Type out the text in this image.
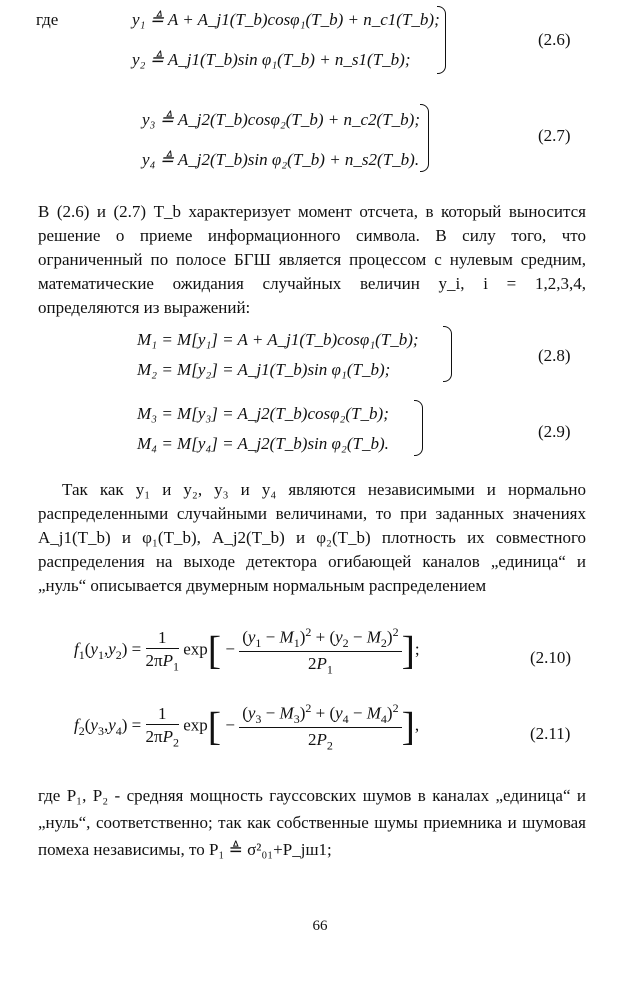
где	y₁ ≜ A + A_j1(T_b)cosφ₁(T_b) + n_c1(T_b);
y₂ ≜ A_j1(T_b)sin φ₁(T_b) + n_s1(T_b);
(2.6)
y₃ ≜ A_j2(T_b)cosφ₂(T_b) + n_c2(T_b);
y₄ ≜ A_j2(T_b)sin φ₂(T_b) + n_s2(T_b).
(2.7)

В (2.6) и (2.7) T_b характеризует момент отсчета, в который выносится решение о приеме информационного символа. В силу того, что ограниченный по полосе БГШ является процессом с нулевым средним, математические ожидания случайных величин y_i, i = 1,2,3,4, определяются из выражений:

M₁ = M[y₁] = A + A_j1(T_b)cosφ₁(T_b);
M₂ = M[y₂] = A_j1(T_b)sin φ₁(T_b);
(2.8)
M₃ = M[y₃] = A_j2(T_b)cosφ₂(T_b);
M₄ = M[y₄] = A_j2(T_b)sin φ₂(T_b).
(2.9)

Так как y₁ и y₂, y₃ и y₄ являются независимыми и нормально распределенными случайными величинами, то при заданных значениях A_j1(T_b) и φ₁(T_b), A_j2(T_b) и φ₂(T_b) плотность их совместного распределения на выходе детектора огибающей каналов „единица“ и „нуль“ описывается двумерным нормальным распределением

$f_1(y_1,y_2) = \frac{1}{2\pi P_1} \exp[ - \frac{(y_1 - M_1)^2 + (y_2 - M_2)^2}{2P_1}$ ];	(2.10)
$f_2(y_3,y_4) = \frac{1}{2\pi P_2} \exp[ - \frac{(y_3 - M_3)^2 + (y_4 - M_4)^2}{2P_2}$ ],	(2.11)

где P₁, P₂ - средняя мощность гауссовских шумов в каналах „единица“ и „нуль“, соответственно; так как собственные шумы приемника и шумовая помеха независимы, то P₁ ≜ σ²₀₁+P_jш1;

66
